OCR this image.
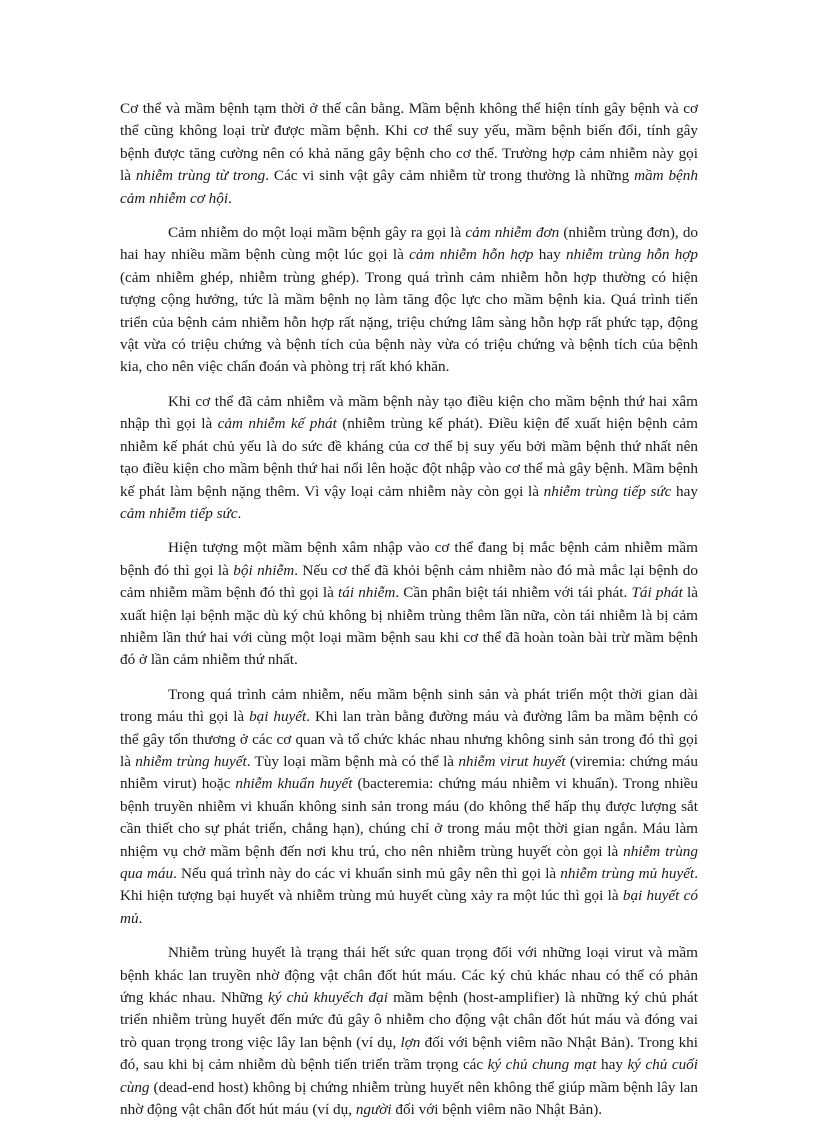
Cơ thể và mầm bệnh tạm thời ở thế cân bằng. Mầm bệnh không thể hiện tính gây bệnh và cơ thể cũng không loại trừ được mầm bệnh. Khi cơ thể suy yếu, mầm bệnh biến đổi, tính gây bệnh được tăng cường nên có khả năng gây bệnh cho cơ thể. Trường hợp cảm nhiễm này gọi là nhiễm trùng từ trong. Các vi sinh vật gây cảm nhiễm từ trong thường là những mầm bệnh cảm nhiễm cơ hội.

Cảm nhiễm do một loại mầm bệnh gây ra gọi là cảm nhiễm đơn (nhiễm trùng đơn), do hai hay nhiều mầm bệnh cùng một lúc gọi là cảm nhiễm hỗn hợp hay nhiễm trùng hỗn hợp (cảm nhiễm ghép, nhiễm trùng ghép). Trong quá trình cảm nhiễm hỗn hợp thường có hiện tượng cộng hưởng, tức là mầm bệnh nọ làm tăng độc lực cho mầm bệnh kia. Quá trình tiến triển của bệnh cảm nhiễm hỗn hợp rất nặng, triệu chứng lâm sàng hỗn hợp rất phức tạp, động vật vừa có triệu chứng và bệnh tích của bệnh này vừa có triệu chứng và bệnh tích của bệnh kia, cho nên việc chẩn đoán và phòng trị rất khó khăn.

Khi cơ thể đã cảm nhiễm và mầm bệnh này tạo điều kiện cho mầm bệnh thứ hai xâm nhập thì gọi là cảm nhiễm kế phát (nhiễm trùng kế phát). Điều kiện để xuất hiện bệnh cảm nhiễm kế phát chủ yếu là do sức đề kháng của cơ thể bị suy yếu bởi mầm bệnh thứ nhất nên tạo điều kiện cho mầm bệnh thứ hai nổi lên hoặc đột nhập vào cơ thể mà gây bệnh. Mầm bệnh kế phát làm bệnh nặng thêm. Vì vậy loại cảm nhiễm này còn gọi là nhiễm trùng tiếp sức hay cảm nhiễm tiếp sức.

Hiện tượng một mầm bệnh xâm nhập vào cơ thể đang bị mắc bệnh cảm nhiễm mầm bệnh đó thì gọi là bội nhiễm. Nếu cơ thể đã khỏi bệnh cảm nhiễm nào đó mà mắc lại bệnh do cảm nhiễm mầm bệnh đó thì gọi là tái nhiễm. Cần phân biệt tái nhiễm với tái phát. Tái phát là xuất hiện lại bệnh mặc dù ký chủ không bị nhiễm trùng thêm lần nữa, còn tái nhiễm là bị cảm nhiễm lần thứ hai với cùng một loại mầm bệnh sau khi cơ thể đã hoàn toàn bài trừ mầm bệnh đó ở lần cảm nhiễm thứ nhất.

Trong quá trình cảm nhiễm, nếu mầm bệnh sinh sản và phát triển một thời gian dài trong máu thì gọi là bại huyết. Khi lan tràn bằng đường máu và đường lâm ba mầm bệnh có thể gây tổn thương ở các cơ quan và tổ chức khác nhau nhưng không sinh sản trong đó thì gọi là nhiễm trùng huyết. Tùy loại mầm bệnh mà có thể là nhiễm virut huyết (viremia: chứng máu nhiễm virut) hoặc nhiễm khuẩn huyết (bacteremia: chứng máu nhiễm vi khuẩn). Trong nhiều bệnh truyền nhiễm vi khuẩn không sinh sản trong máu (do không thể hấp thụ được lượng sắt cần thiết cho sự phát triển, chẳng hạn), chúng chỉ ở trong máu một thời gian ngắn. Máu làm nhiệm vụ chở mầm bệnh đến nơi khu trú, cho nên nhiễm trùng huyết còn gọi là nhiễm trùng qua máu. Nếu quá trình này do các vi khuẩn sinh mủ gây nên thì gọi là nhiễm trùng mủ huyết. Khi hiện tượng bại huyết và nhiễm trùng mủ huyết cùng xảy ra một lúc thì gọi là bại huyết có mủ.

Nhiễm trùng huyết là trạng thái hết sức quan trọng đối với những loại virut và mầm bệnh khác lan truyền nhờ động vật chân đốt hút máu. Các ký chủ khác nhau có thể có phản ứng khác nhau. Những ký chủ khuyếch đại mầm bệnh (host-amplifier) là những ký chủ phát triển nhiễm trùng huyết đến mức đủ gây ô nhiễm cho động vật chân đốt hút máu và đóng vai trò quan trọng trong việc lây lan bệnh (ví dụ, lợn đối với bệnh viêm não Nhật Bản). Trong khi đó, sau khi bị cảm nhiễm dù bệnh tiến triển trầm trọng các ký chủ chung mạt hay ký chủ cuối cùng (dead-end host) không bị chứng nhiễm trùng huyết nên không thể giúp mầm bệnh lây lan nhờ động vật chân đốt hút máu (ví dụ, người đối với bệnh viêm não Nhật Bản).
